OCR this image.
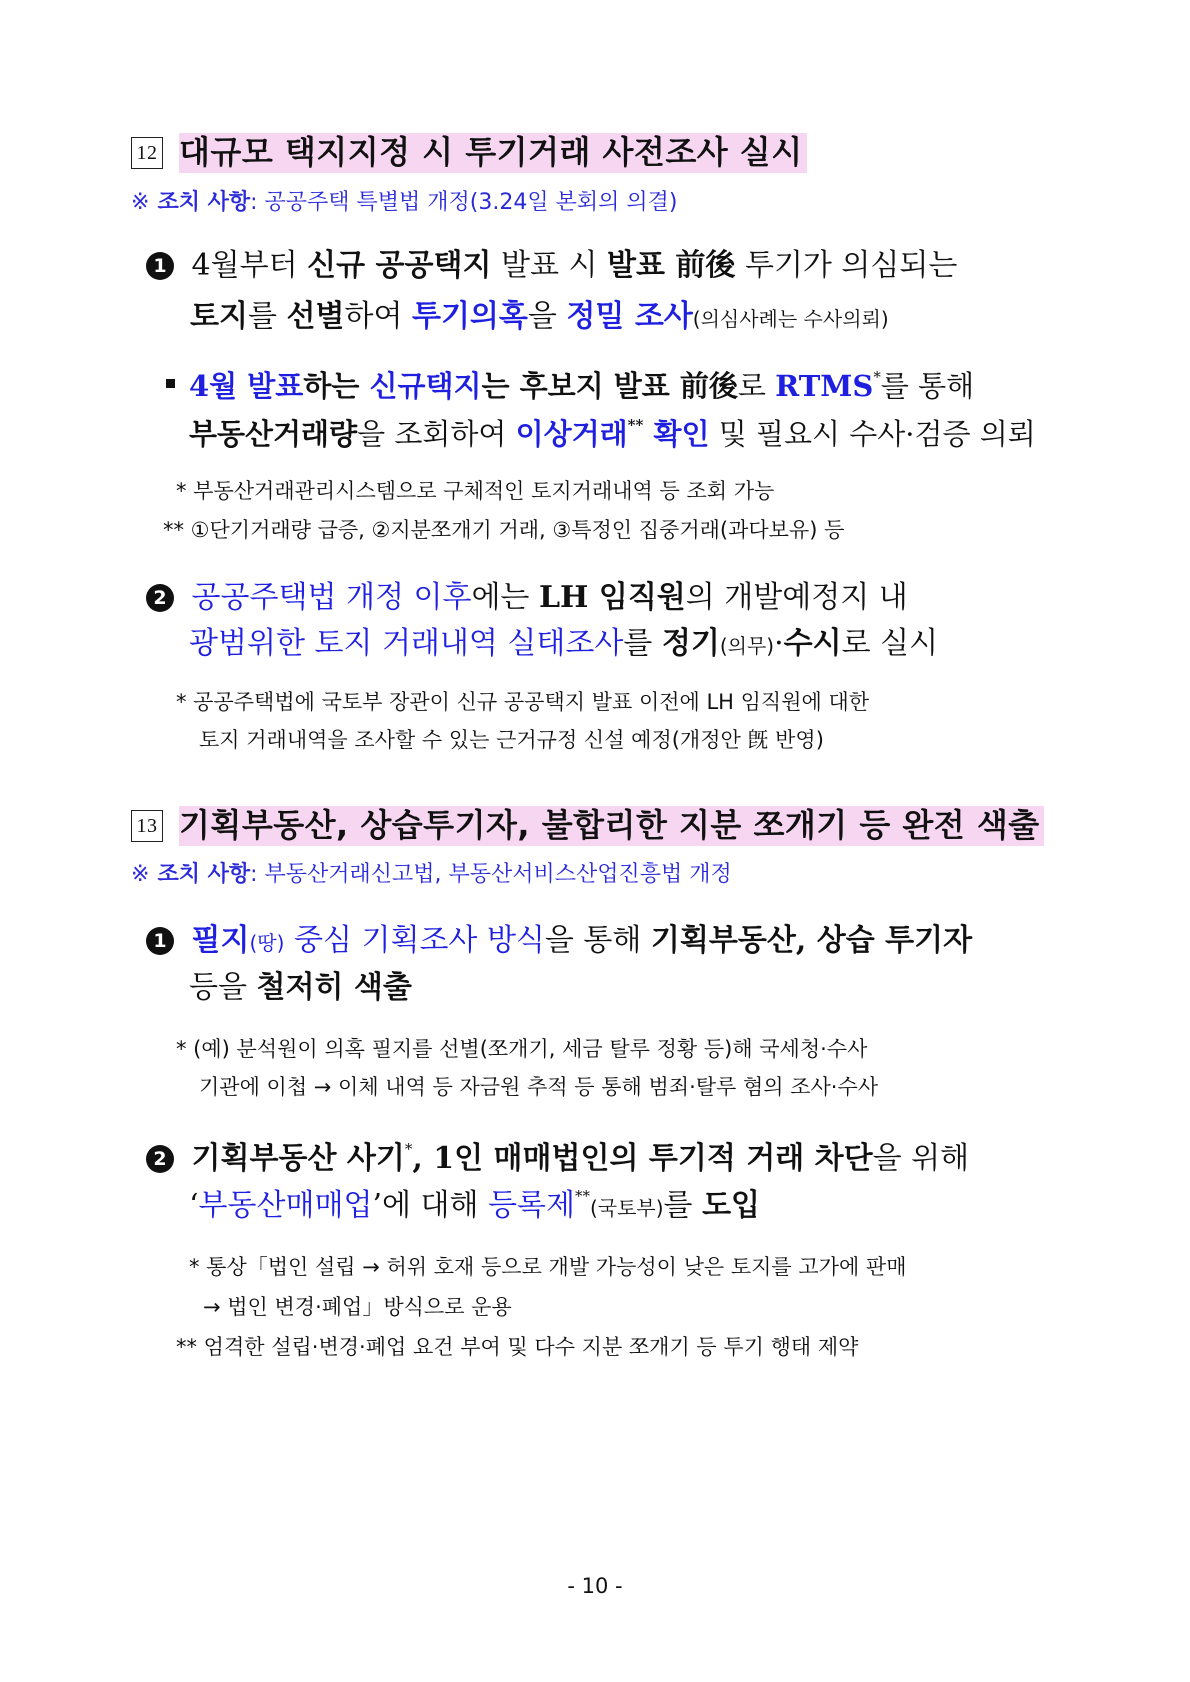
12 대규모 택지지정 시 투기거래 사전조사 실시
※ 조치 사항: 공공주택 특별법 개정(3.24일 본회의 의결)
1 4월부터 신규 공공택지 발표 시 발표 前後 투기가 의심되는
토지를 선별하여 투기의혹을 정밀 조사(의심사례는 수사의뢰)
4월 발표하는 신규택지는 후보지 발표 前後로 RTMS*를 통해
부동산거래량을 조회하여 이상거래** 확인 및 필요시 수사·검증 의뢰
* 부동산거래관리시스템으로 구체적인 토지거래내역 등 조회 가능
** ①단기거래량 급증, ②지분쪼개기 거래, ③특정인 집중거래(과다보유) 등
2 공공주택법 개정 이후에는 LH 임직원의 개발예정지 내
광범위한 토지 거래내역 실태조사를 정기(의무)·수시로 실시
* 공공주택법에 국토부 장관이 신규 공공택지 발표 이전에 LH 임직원에 대한
토지 거래내역을 조사할 수 있는 근거규정 신설 예정(개정안 旣 반영)
13 기획부동산, 상습투기자, 불합리한 지분 쪼개기 등 완전 색출
※ 조치 사항: 부동산거래신고법, 부동산서비스산업진흥법 개정
1 필지(땅) 중심 기획조사 방식을 통해 기획부동산, 상습 투기자
등을 철저히 색출
* (예) 분석원이 의혹 필지를 선별(쪼개기, 세금 탈루 정황 등)해 국세청·수사
기관에 이첩 → 이체 내역 등 자금원 추적 등 통해 범죄·탈루 혐의 조사·수사
2 기획부동산 사기*, 1인 매매법인의 투기적 거래 차단을 위해
‘부동산매매업’에 대해 등록제**(국토부)를 도입
* 통상「법인 설립 → 허위 호재 등으로 개발 가능성이 낮은 토지를 고가에 판매
→ 법인 변경·폐업」방식으로 운용
** 엄격한 설립·변경·폐업 요건 부여 및 다수 지분 쪼개기 등 투기 행태 제약
- 10 -
